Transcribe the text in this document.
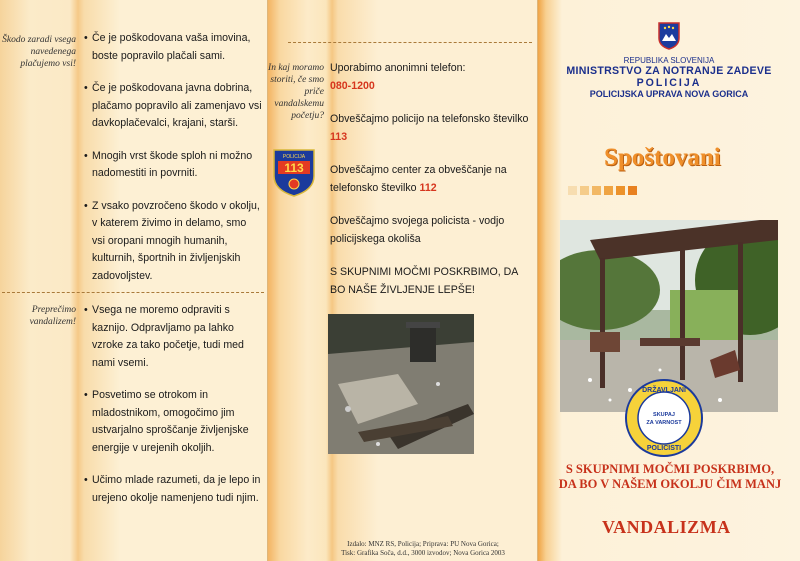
Škodo zaradi vsega navedenega plačujemo vsi!
• Če je poškodovana vaša imovina, boste popravilo plačali sami.
• Če je poškodovana javna dobrina, plačamo popravilo ali zamenjavo vsi davkoplačevalci, krajani, starši.
• Mnogih vrst škode sploh ni možno nadomestiti in povrniti.
• Z vsako povzročeno škodo v okolju, v katerem živimo in delamo, smo vsi oropani mnogih humanih, kulturnih, športnih in življenjskih zadovoljstev.
Preprečimo vandalizem!
• Vsega ne moremo odpraviti s kaznijo. Odpravljamo pa lahko vzroke za tako početje, tudi med nami vsemi.
• Posvetimo se otrokom in mladostnikom, omogočimo jim ustvarjalno sproščanje življenjske energije v urejenih okoljih.
• Učimo mlade razumeti, da je lepo in urejeno okolje namenjeno tudi njim.
In kaj moramo storiti, če smo priče vandalskemu početju?
POLICIJA
113
Uporabimo anonimni telefon:
080-1200
Obveščajmo policijo na telefonsko številko 113
Obveščajmo center za obveščanje na telefonsko številko 112
Obveščajmo svojega policista - vodjo policijskega okoliša
S SKUPNIMI MOČMI POSKRBIMO, DA BO NAŠE ŽIVLJENJE LEPŠE!
Izdalo: MNZ RS, Policija; Priprava: PU Nova Gorica;
Tisk: Grafika Soča, d.d., 3000 izvodov; Nova Gorica 2003
REPUBLIKA SLOVENIJA
MINISTRSTVO ZA NOTRANJE ZADEVE
POLICIJA
POLICIJSKA UPRAVA NOVA GORICA
Spoštovani
DRŽAVLJANI
SKUPAJ
ZA VARNOST
POLICISTI
S SKUPNIMI MOČMI POSKRBIMO,
DA BO V NAŠEM OKOLJU ČIM MANJ
VANDALIZMA
